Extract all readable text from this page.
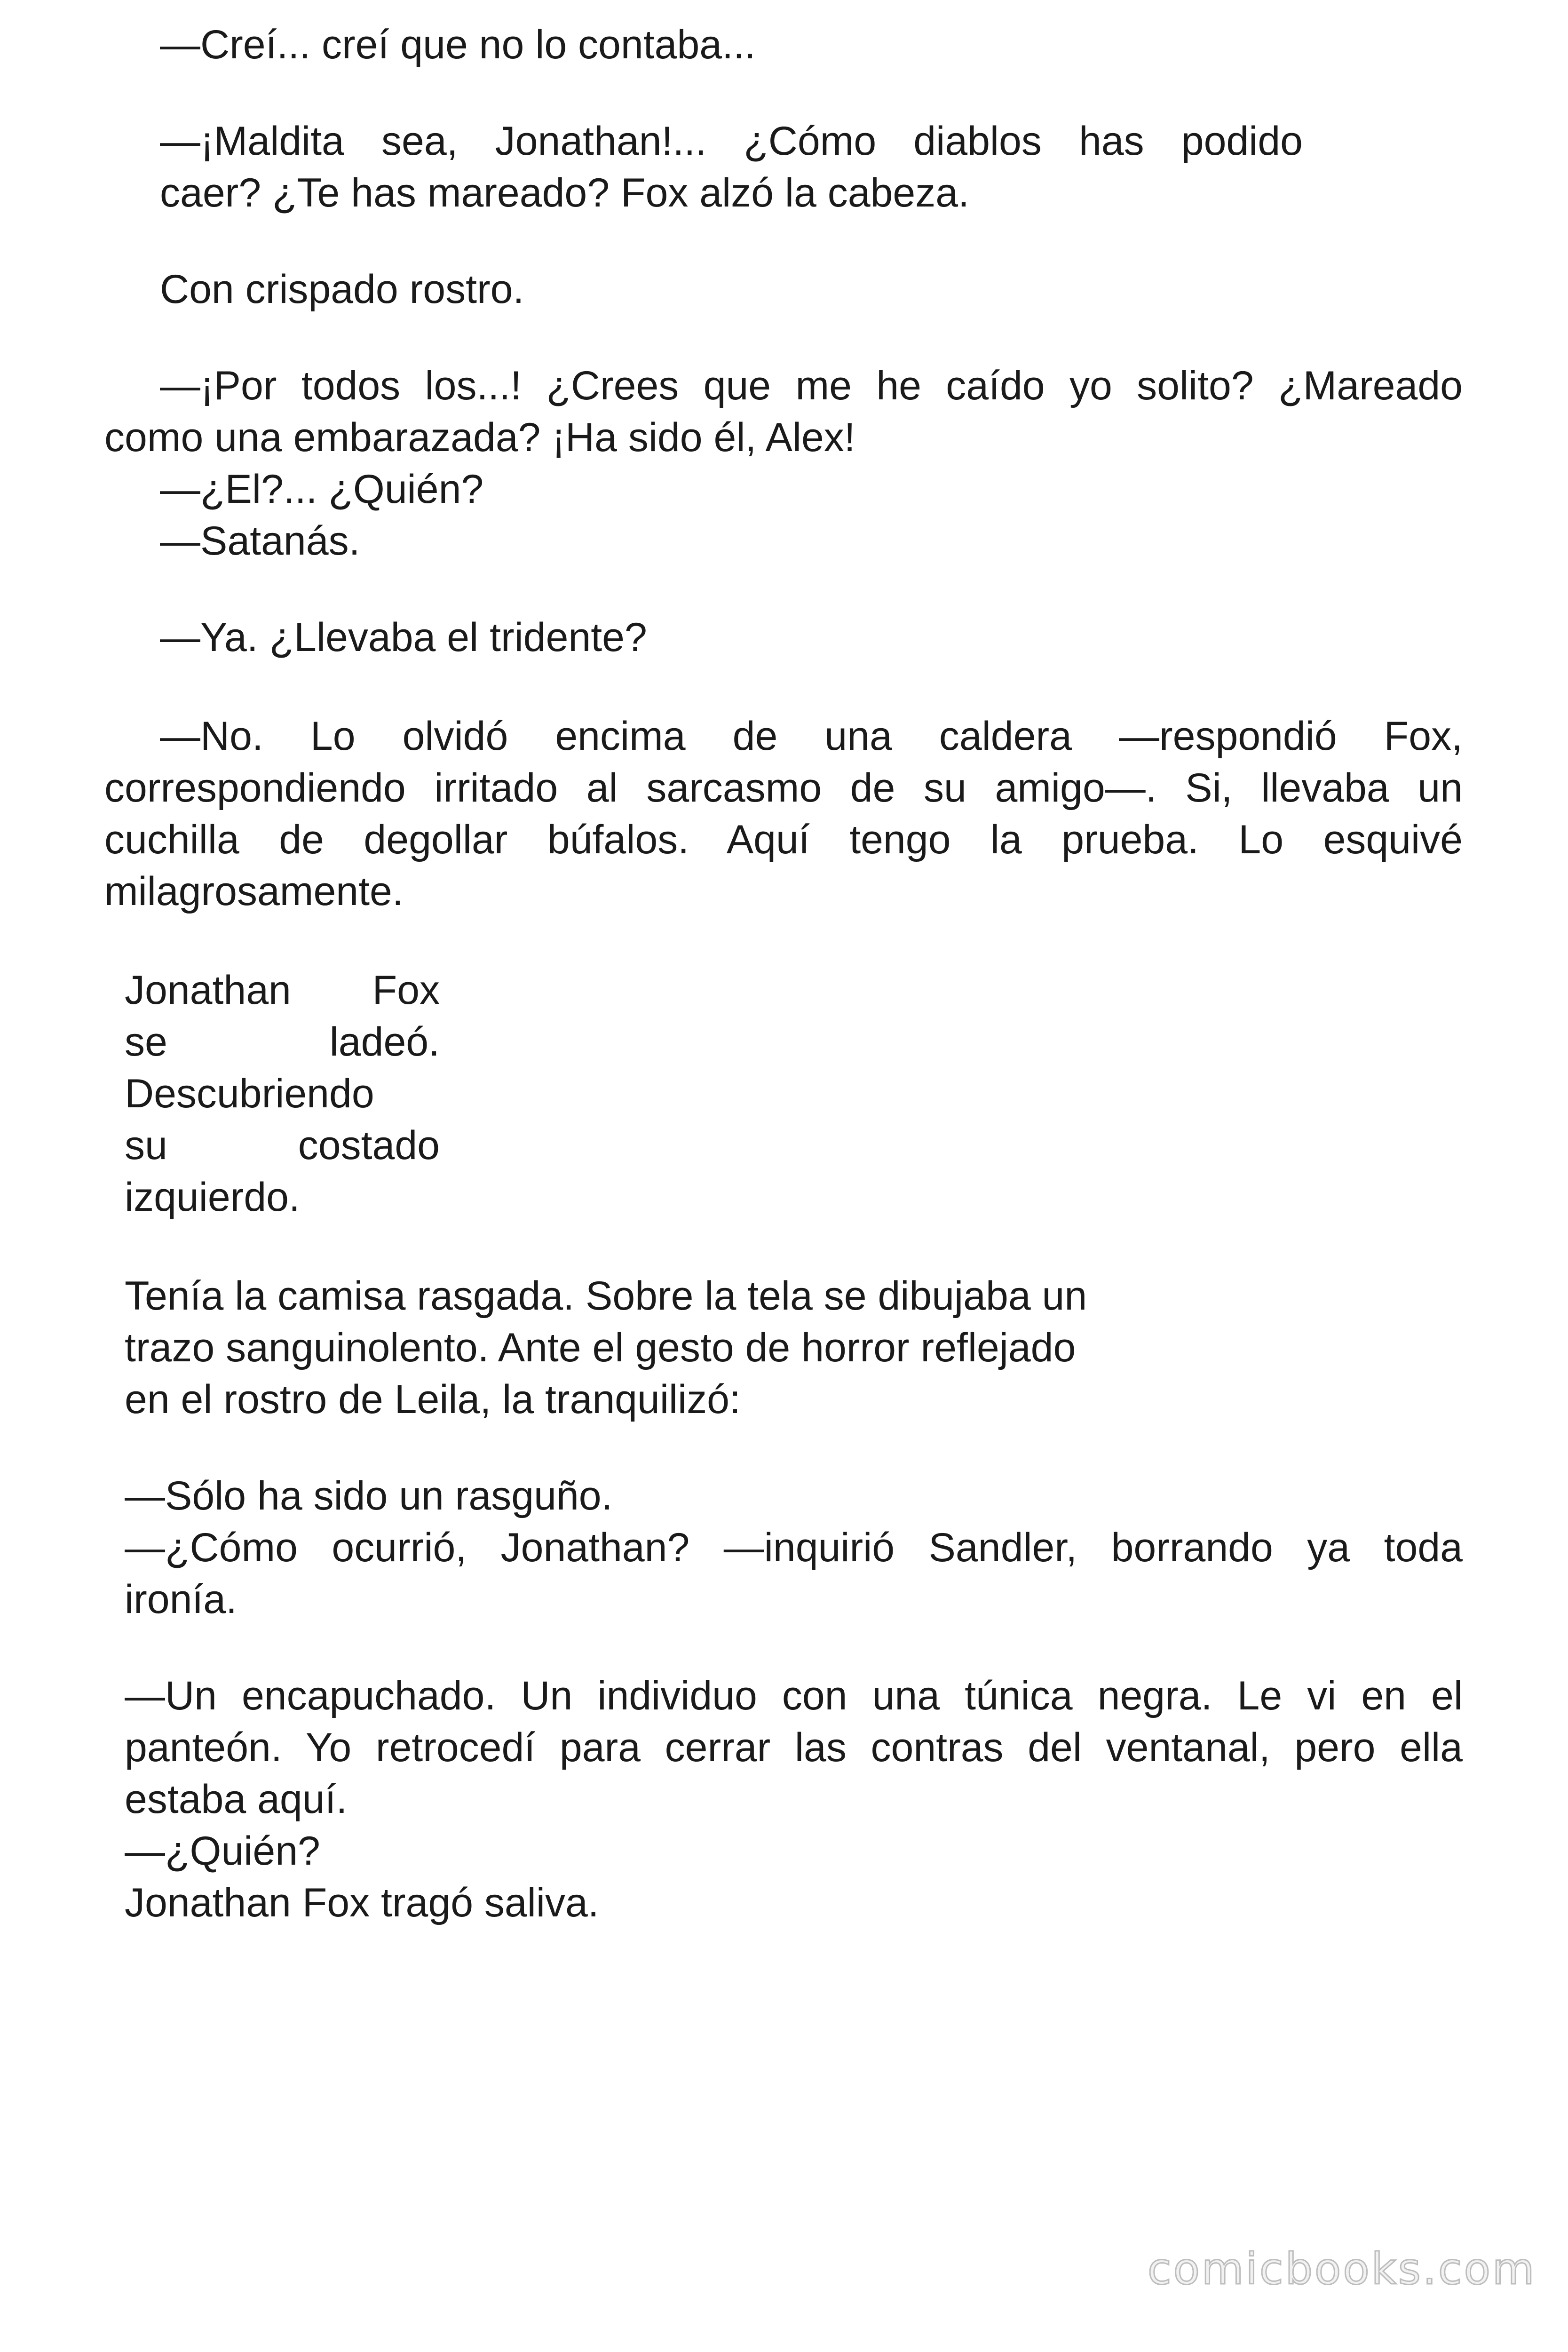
—Creí... creí que no lo contaba...

—¡Maldita sea, Jonathan!... ¿Cómo diablos has podido

caer? ¿Te has mareado? Fox alzó la cabeza.

Con crispado rostro.

—¡Por todos los...! ¿Crees que me he caído yo solito? ¿Mareado

como una embarazada? ¡Ha sido él, Alex!

—¿El?... ¿Quién?

—Satanás.

—Ya. ¿Llevaba el tridente?

—No. Lo olvidó encima de una caldera —respondió Fox,

correspondiendo irritado al sarcasmo de su amigo—. Si, llevaba un

cuchilla de degollar búfalos. Aquí tengo la prueba. Lo esquivé

milagrosamente.

Jonathan Fox

se ladeó.

Descubriendo

su costado

izquierdo.

Tenía la camisa rasgada. Sobre la tela se dibujaba un

trazo sanguinolento. Ante el gesto de horror reflejado

en el rostro de Leila, la tranquilizó:

—Sólo ha sido un rasguño.

—¿Cómo ocurrió, Jonathan? —inquirió Sandler, borrando ya toda

ironía.

—Un encapuchado. Un individuo con una túnica negra. Le vi en el

panteón. Yo retrocedí para cerrar las contras del ventanal, pero ella

estaba aquí.

—¿Quién?

Jonathan Fox tragó saliva.

comicbooks.com
